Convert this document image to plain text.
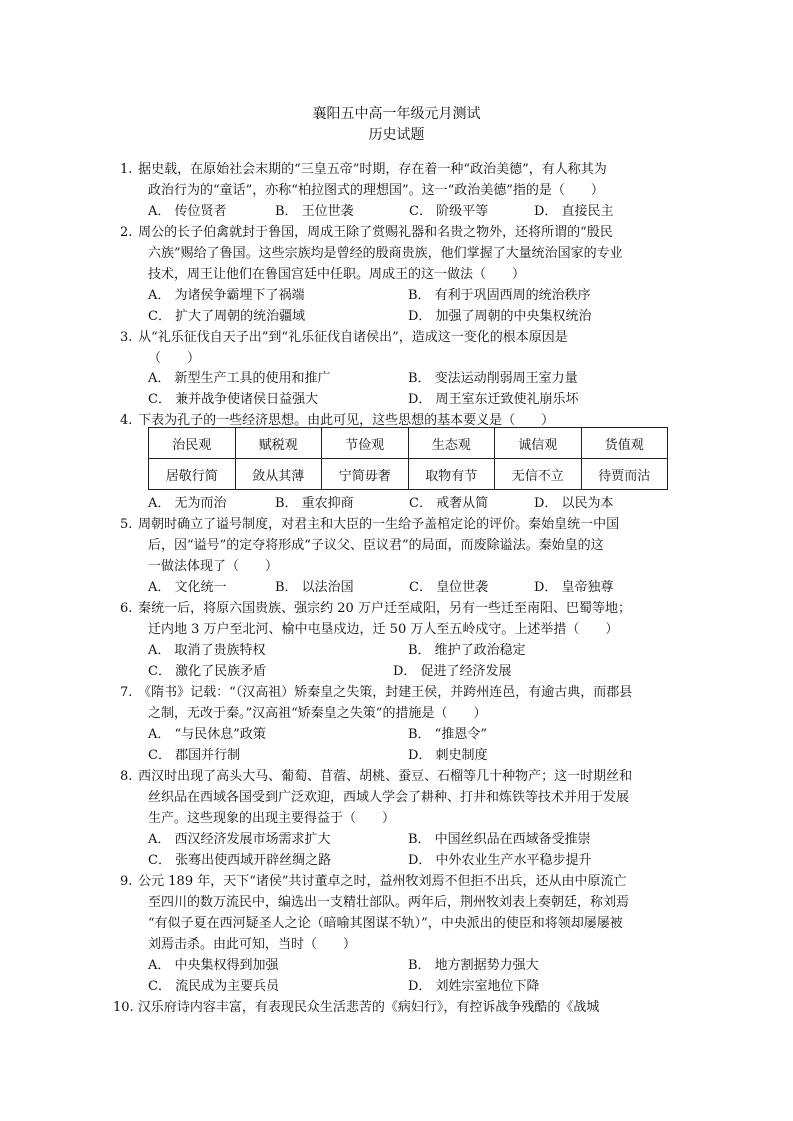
襄阳五中高一年级元月测试
历史试题
1. 据史载，在原始社会末期的“三皇五帝”时期，存在着一种“政治美德”，有人称其为
政治行为的“童话”，亦称“柏拉图式的理想国”。这一“政治美德”指的是（　　）
A． 传位贤者	B． 王位世袭	C． 阶级平等	D． 直接民主
2. 周公的长子伯禽就封于鲁国，周成王除了赏赐礼器和名贵之物外，还将所谓的“殷民
六族”赐给了鲁国。这些宗族均是曾经的殷商贵族，他们掌握了大量统治国家的专业
技术，周王让他们在鲁国宫廷中任职。周成王的这一做法（　　）
A． 为诸侯争霸埋下了祸端	B． 有利于巩固西周的统治秩序
C． 扩大了周朝的统治疆域	D． 加强了周朝的中央集权统治
3. 从“礼乐征伐自天子出”到“礼乐征伐自诸侯出”，造成这一变化的根本原因是
（　　）
A． 新型生产工具的使用和推广	B． 变法运动削弱周王室力量
C． 兼并战争使诸侯日益强大	D． 周王室东迁致使礼崩乐坏
4. 下表为孔子的一些经济思想。由此可见，这些思想的基本要义是（　　）
治民观	赋税观	节俭观	生态观	诚信观	货值观
居敬行简	敛从其薄	宁简毋奢	取物有节	无信不立	待贾而沽
A． 无为而治	B． 重农抑商	C． 戒奢从简	D． 以民为本
5. 周朝时确立了谥号制度，对君主和大臣的一生给予盖棺定论的评价。秦始皇统一中国
后，因“谥号”的定夺将形成“子议父、臣议君”的局面，而废除谥法。秦始皇的这
一做法体现了（　　）
A． 文化统一	B． 以法治国	C． 皇位世袭	D． 皇帝独尊
6. 秦统一后，将原六国贵族、强宗约 20 万户迁至咸阳，另有一些迁至南阳、巴蜀等地；
迁内地 3 万户至北河、榆中屯垦戍边，迁 50 万人至五岭戍守。上述举措（　　）
A． 取消了贵族特权	B． 维护了政治稳定
C． 激化了民族矛盾	D． 促进了经济发展
7. 《隋书》记载：“（汉高祖）矫秦皇之失策，封建王侯，并跨州连邑，有逾古典，而郡县
之制，无改于秦。”汉高祖“矫秦皇之失策”的措施是（　　）
A． “与民休息”政策	B． “推恩令”
C． 郡国并行制	D． 刺史制度
8. 西汉时出现了高头大马、葡萄、苜蓿、胡桃、蚕豆、石榴等几十种物产；这一时期丝和
丝织品在西域各国受到广泛欢迎，西域人学会了耕种、打井和炼铁等技术并用于发展
生产。这些现象的出现主要得益于（　　）
A． 西汉经济发展市场需求扩大	B． 中国丝织品在西域备受推崇
C． 张骞出使西域开辟丝绸之路	D． 中外农业生产水平稳步提升
9. 公元 189 年，天下“诸侯”共讨董卓之时，益州牧刘焉不但拒不出兵，还从由中原流亡
至四川的数万流民中，编选出一支精壮部队。两年后，荆州牧刘表上奏朝廷，称刘焉
“有似子夏在西河疑圣人之论（暗喻其图谋不轨）”，中央派出的使臣和将领却屡屡被
刘焉击杀。由此可知，当时（　　）
A． 中央集权得到加强	B． 地方割据势力强大
C． 流民成为主要兵员	D． 刘姓宗室地位下降
10. 汉乐府诗内容丰富，有表现民众生活悲苦的《病妇行》，有控诉战争残酷的《战城
